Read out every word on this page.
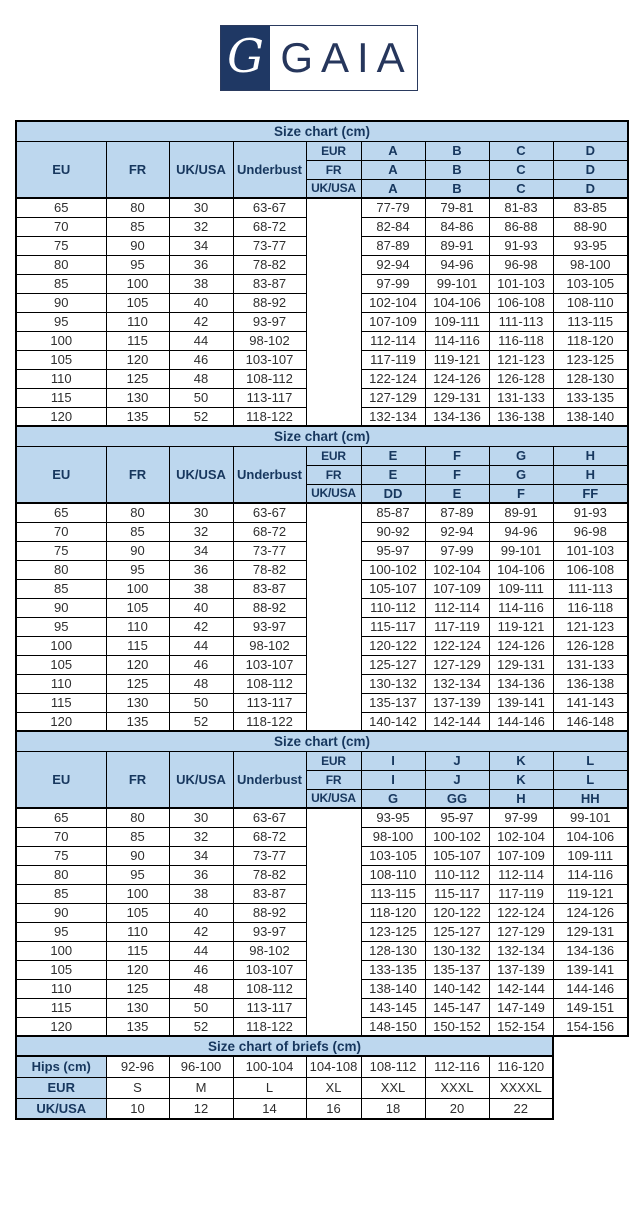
G GAIA
Size chart (cm)								
EU	FR	UK/USA	Underbust	EUR	A	B	C	D
				FR	A	B	C	D
				UK/USA	A	B	C	D
65	80	30	63-67		77-79	79-81	81-83	83-85
70	85	32	68-72		82-84	84-86	86-88	88-90
75	90	34	73-77		87-89	89-91	91-93	93-95
80	95	36	78-82		92-94	94-96	96-98	98-100
85	100	38	83-87		97-99	99-101	101-103	103-105
90	105	40	88-92		102-104	104-106	106-108	108-110
95	110	42	93-97		107-109	109-111	111-113	113-115
100	115	44	98-102		112-114	114-116	116-118	118-120
105	120	46	103-107		117-119	119-121	121-123	123-125
110	125	48	108-112		122-124	124-126	126-128	128-130
115	130	50	113-117		127-129	129-131	131-133	133-135
120	135	52	118-122		132-134	134-136	136-138	138-140
Size chart (cm)								
EU	FR	UK/USA	Underbust	EUR	E	F	G	H
				FR	E	F	G	H
				UK/USA	DD	E	F	FF
65	80	30	63-67		85-87	87-89	89-91	91-93
70	85	32	68-72		90-92	92-94	94-96	96-98
75	90	34	73-77		95-97	97-99	99-101	101-103
80	95	36	78-82		100-102	102-104	104-106	106-108
85	100	38	83-87		105-107	107-109	109-111	111-113
90	105	40	88-92		110-112	112-114	114-116	116-118
95	110	42	93-97		115-117	117-119	119-121	121-123
100	115	44	98-102		120-122	122-124	124-126	126-128
105	120	46	103-107		125-127	127-129	129-131	131-133
110	125	48	108-112		130-132	132-134	134-136	136-138
115	130	50	113-117		135-137	137-139	139-141	141-143
120	135	52	118-122		140-142	142-144	144-146	146-148
Size chart (cm)								
EU	FR	UK/USA	Underbust	EUR	I	J	K	L
				FR	I	J	K	L
				UK/USA	G	GG	H	HH
65	80	30	63-67		93-95	95-97	97-99	99-101
70	85	32	68-72		98-100	100-102	102-104	104-106
75	90	34	73-77		103-105	105-107	107-109	109-111
80	95	36	78-82		108-110	110-112	112-114	114-116
85	100	38	83-87		113-115	115-117	117-119	119-121
90	105	40	88-92		118-120	120-122	122-124	124-126
95	110	42	93-97		123-125	125-127	127-129	129-131
100	115	44	98-102		128-130	130-132	132-134	134-136
105	120	46	103-107		133-135	135-137	137-139	139-141
110	125	48	108-112		138-140	140-142	142-144	144-146
115	130	50	113-117		143-145	145-147	147-149	149-151
120	135	52	118-122		148-150	150-152	152-154	154-156
Size chart of briefs (cm)							
Hips (cm)	92-96	96-100	100-104	104-108	108-112	112-116	116-120
EUR	S	M	L	XL	XXL	XXXL	XXXXL
UK/USA	10	12	14	16	18	20	22
